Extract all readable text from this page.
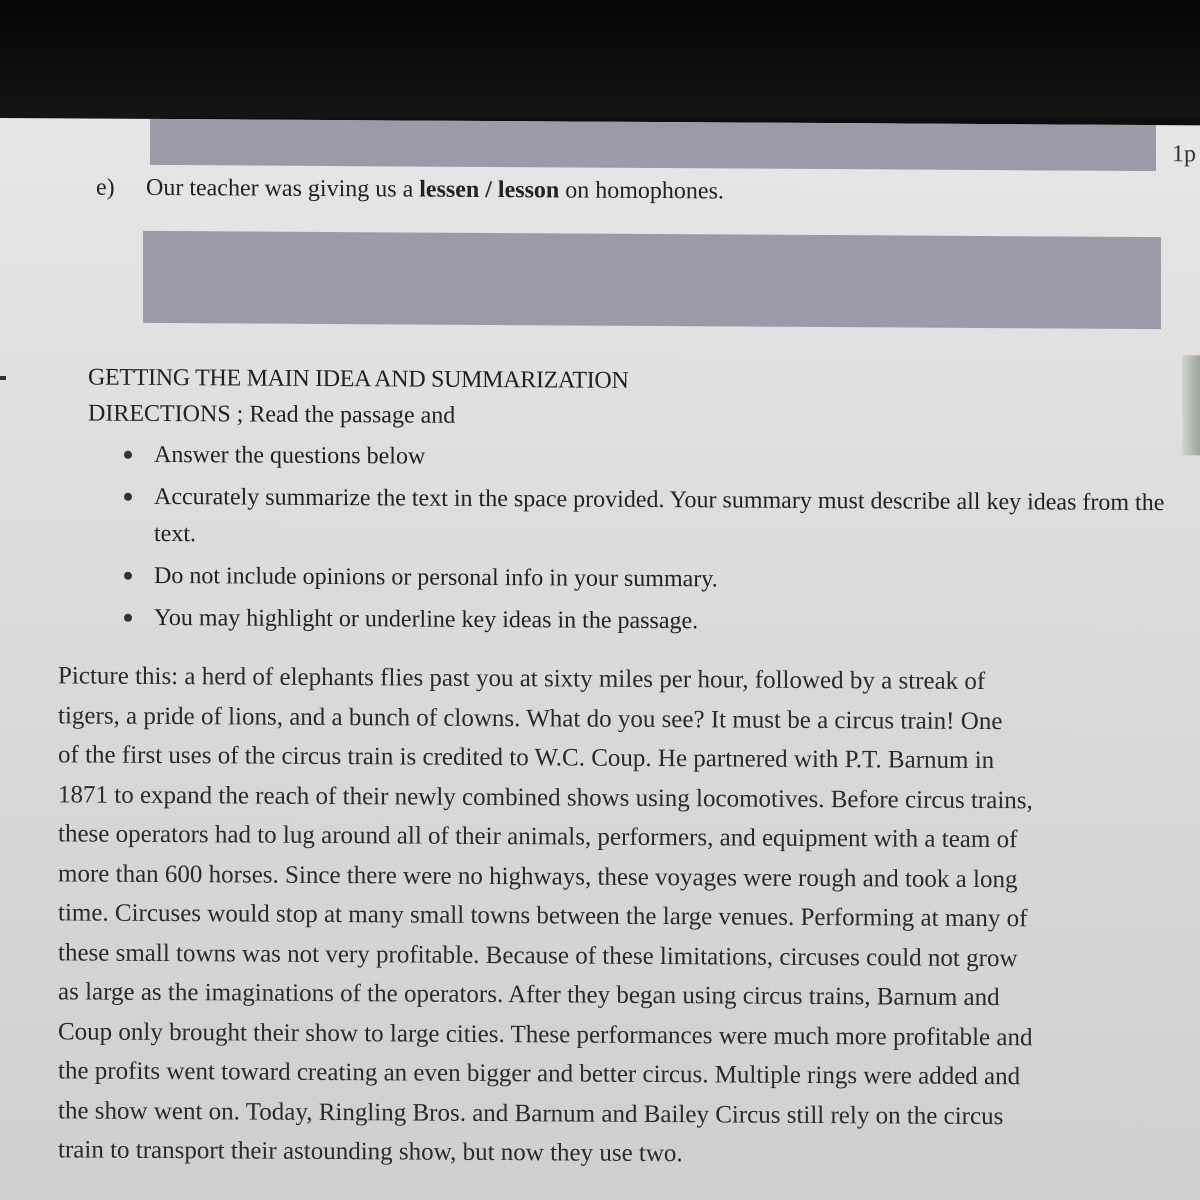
1p
e) Our teacher was giving us a lessen / lesson on homophones.
GETTING THE MAIN IDEA AND SUMMARIZATION
DIRECTIONS ; Read the passage and
Answer the questions below
Accurately summarize the text in the space provided. Your summary must describe all key ideas from the text.
Do not include opinions or personal info in your summary.
You may highlight or underline key ideas in the passage.

Picture this: a herd of elephants flies past you at sixty miles per hour, followed by a streak of
tigers, a pride of lions, and a bunch of clowns. What do you see? It must be a circus train! One
of the first uses of the circus train is credited to W.C. Coup. He partnered with P.T. Barnum in
1871 to expand the reach of their newly combined shows using locomotives. Before circus trains,
these operators had to lug around all of their animals, performers, and equipment with a team of
more than 600 horses. Since there were no highways, these voyages were rough and took a long
time. Circuses would stop at many small towns between the large venues. Performing at many of
these small towns was not very profitable. Because of these limitations, circuses could not grow
as large as the imaginations of the operators. After they began using circus trains, Barnum and
Coup only brought their show to large cities. These performances were much more profitable and
the profits went toward creating an even bigger and better circus. Multiple rings were added and
the show went on. Today, Ringling Bros. and Barnum and Bailey Circus still rely on the circus
train to transport their astounding show, but now they use two.
